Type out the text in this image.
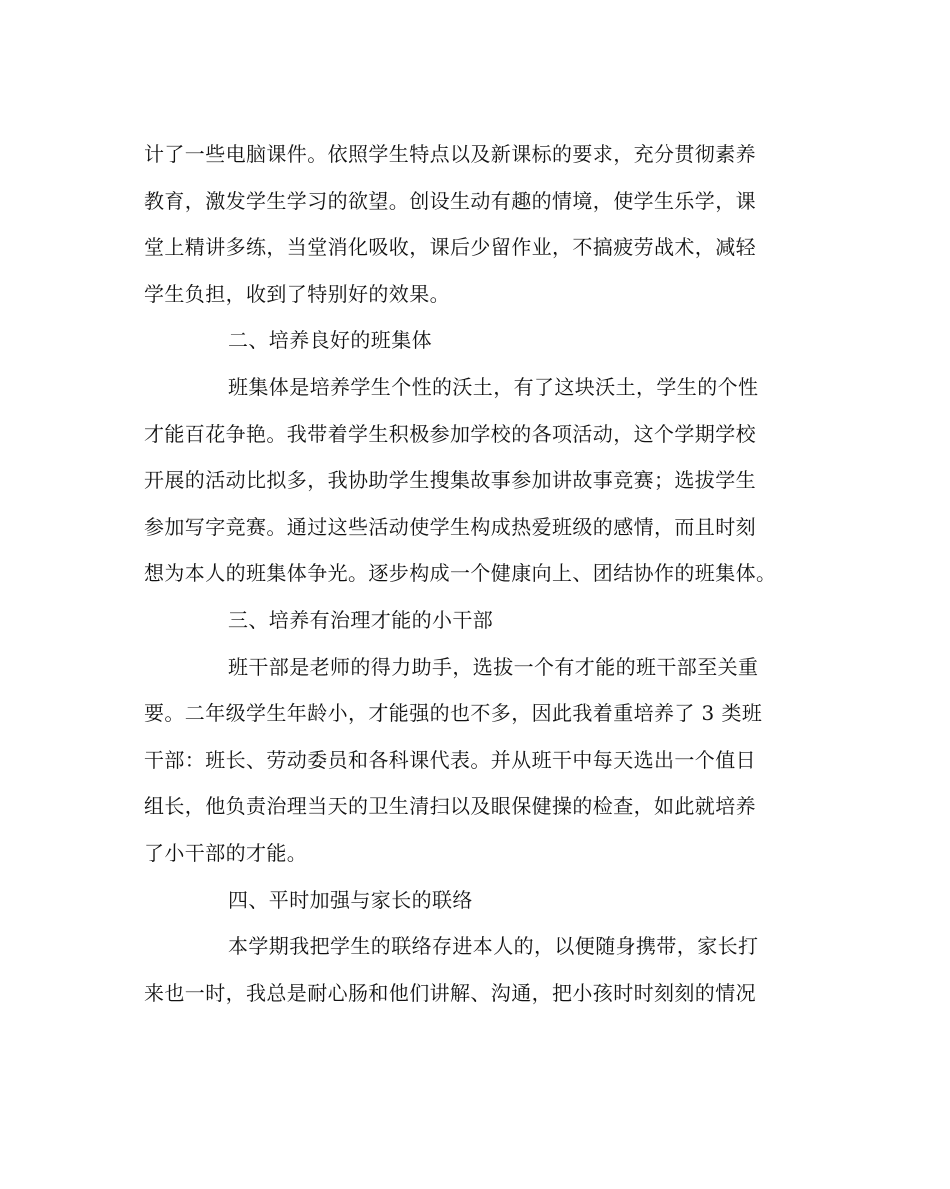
计了一些电脑课件。依照学生特点以及新课标的要求，充分贯彻素养
教育，激发学生学习的欲望。创设生动有趣的情境，使学生乐学，课
堂上精讲多练，当堂消化吸收，课后少留作业，不搞疲劳战术，减轻
学生负担，收到了特别好的效果。
二、培养良好的班集体
班集体是培养学生个性的沃土，有了这块沃土，学生的个性
才能百花争艳。我带着学生积极参加学校的各项活动，这个学期学校
开展的活动比拟多，我协助学生搜集故事参加讲故事竞赛；选拔学生
参加写字竞赛。通过这些活动使学生构成热爱班级的感情，而且时刻
想为本人的班集体争光。逐步构成一个健康向上、团结协作的班集体。
三、培养有治理才能的小干部
班干部是老师的得力助手，选拔一个有才能的班干部至关重
要。二年级学生年龄小，才能强的也不多，因此我着重培养了 3 类班
干部：班长、劳动委员和各科课代表。并从班干中每天选出一个值日
组长，他负责治理当天的卫生清扫以及眼保健操的检查，如此就培养
了小干部的才能。
四、平时加强与家长的联络
本学期我把学生的联络存进本人的，以便随身携带，家长打
来也一时，我总是耐心肠和他们讲解、沟通，把小孩时时刻刻的情况
